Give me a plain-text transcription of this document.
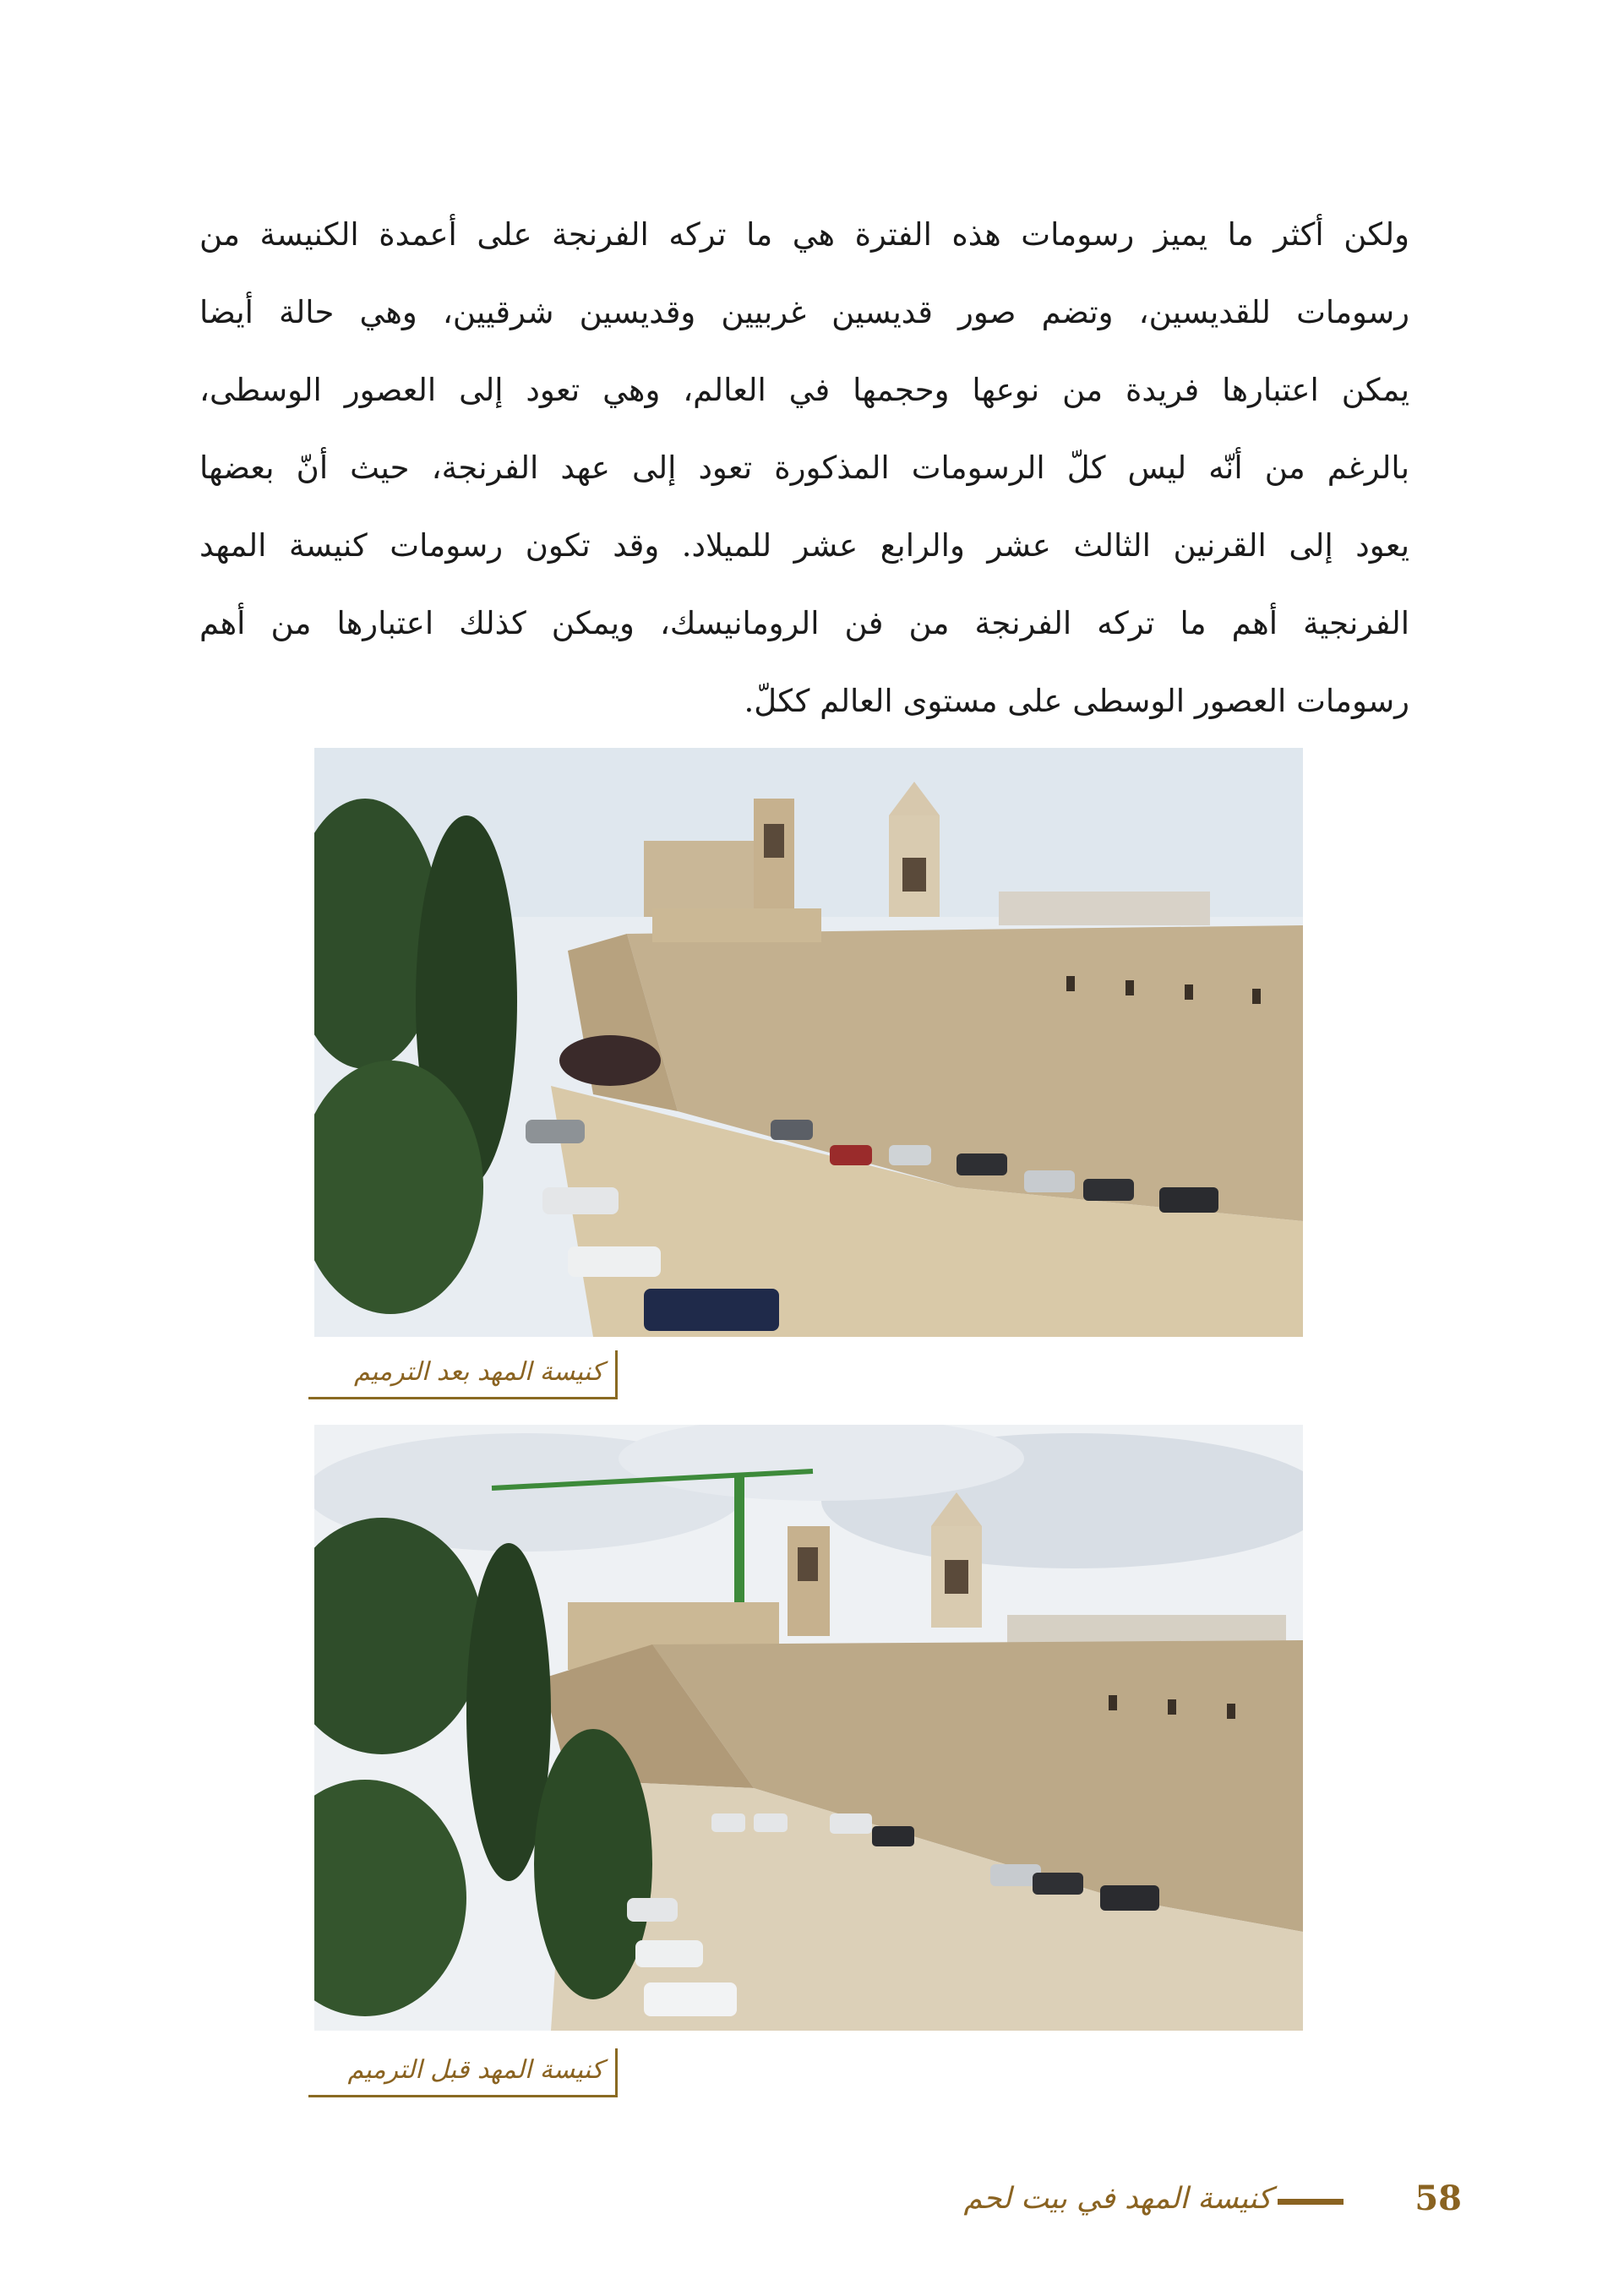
ولكن أكثر ما يميز رسومات هذه الفترة هي ما تركه الفرنجة على أعمدة الكنيسة من
رسومات للقديسين، وتضم صور قديسين غربيين وقديسين شرقيين، وهي حالة أيضا
يمكن اعتبارها فريدة من نوعها وحجمها في العالم، وهي تعود إلى العصور الوسطى،
بالرغم من أنّه ليس كلّ الرسومات المذكورة تعود إلى عهد الفرنجة، حيث أنّ بعضها
يعود إلى القرنين الثالث عشر والرابع عشر للميلاد. وقد تكون رسومات كنيسة المهد
الفرنجية أهم ما تركه الفرنجة من فن الرومانيسك، ويمكن كذلك اعتبارها من أهم
رسومات العصور الوسطى على مستوى العالم ككلّ.
كنيسة المهد بعد الترميم
كنيسة المهد قبل الترميم
كنيسة المهد في بيت لحم	58
